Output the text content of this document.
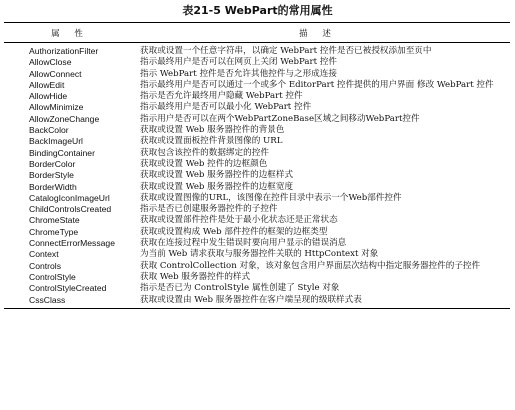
表21-5 WebPart的常用属性
属 性	描 述
AuthorizationFilter	获取或设置一个任意字符串，以确定 WebPart 控件是否已被授权添加至页中
AllowClose	指示最终用户是否可以在网页上关闭 WebPart 控件
AllowConnect	指示 WebPart 控件是否允许其他控件与之形成连接
AllowEdit	指示最终用户是否可以通过一个或多个 EditorPart 控件提供的用户界面 修改 WebPart 控件
AllowHide	指示是否允许最终用户隐藏 WebPart 控件
AllowMinimize	指示最终用户是否可以最小化 WebPart 控件
AllowZoneChange	指示用户是否可以在两个WebPartZoneBase区域之间移动WebPart控件
BackColor	获取或设置 Web 服务器控件的背景色
BackImageUrl	获取或设置面板控件背景图像的 URL
BindingContainer	获取包含该控件的数据绑定的控件
BorderColor	获取或设置 Web 控件的边框颜色
BorderStyle	获取或设置 Web 服务器控件的边框样式
BorderWidth	获取或设置 Web 服务器控件的边框宽度
CatalogIconImageUrl	获取或设置图像的URL，该图像在控件目录中表示一个Web部件控件
ChildControlsCreated	指示是否已创建服务器控件的子控件
ChromeState	获取或设置部件控件是处于最小化状态还是正常状态
ChromeType	获取或设置构成 Web 部件控件的框架的边框类型
ConnectErrorMessage	获取在连接过程中发生错误时要向用户显示的错误消息
Context	为当前 Web 请求获取与服务器控件关联的 HttpContext 对象
Controls	获取 ControlCollection 对象，该对象包含用户界面层次结构中指定服务器控件的子控件
ControlStyle	获取 Web 服务器控件的样式
ControlStyleCreated	指示是否已为 ControlStyle 属性创建了 Style 对象
CssClass	获取或设置由 Web 服务器控件在客户端呈现的级联样式表
